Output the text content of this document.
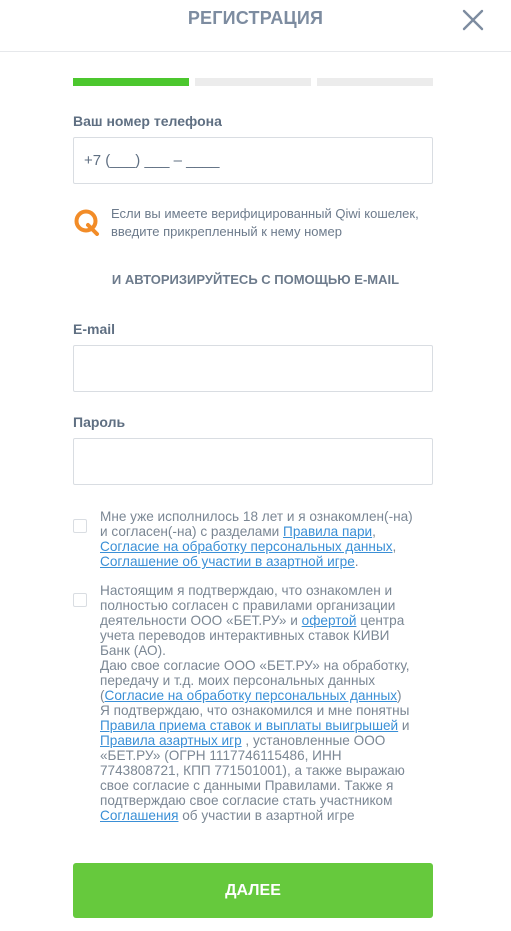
РЕГИСТРАЦИЯ
Ваш номер телефона
+7 (___) ___ – ____
Если вы имеете верифицированный Qiwi кошелек, введите прикрепленный к нему номер
И АВТОРИЗИРУЙТЕСЬ С ПОМОЩЬЮ E-MAIL
E-mail
Пароль
Мне уже исполнилось 18 лет и я ознакомлен(-на) и согласен(-на) с разделами Правила пари, Согласие на обработку персональных данных, Соглашение об участии в азартной игре.
Настоящим я подтверждаю, что ознакомлен и полностью согласен с правилами организации деятельности ООО «БЕТ.РУ» и офертой центра учета переводов интерактивных ставок КИВИ Банк (АО).
Даю свое согласие ООО «БЕТ.РУ» на обработку, передачу и т.д. моих персональных данных (Согласие на обработку персональных данных)
Я подтверждаю, что ознакомился и мне понятны Правила приема ставок и выплаты выигрышей и Правила азартных игр , установленные ООО «БЕТ.РУ» (ОГРН 1117746115486, ИНН 7743808721, КПП 771501001), а также выражаю свое согласие с данными Правилами. Также я подтверждаю свое согласие стать участником Соглашения об участии в азартной игре
ДАЛЕЕ
